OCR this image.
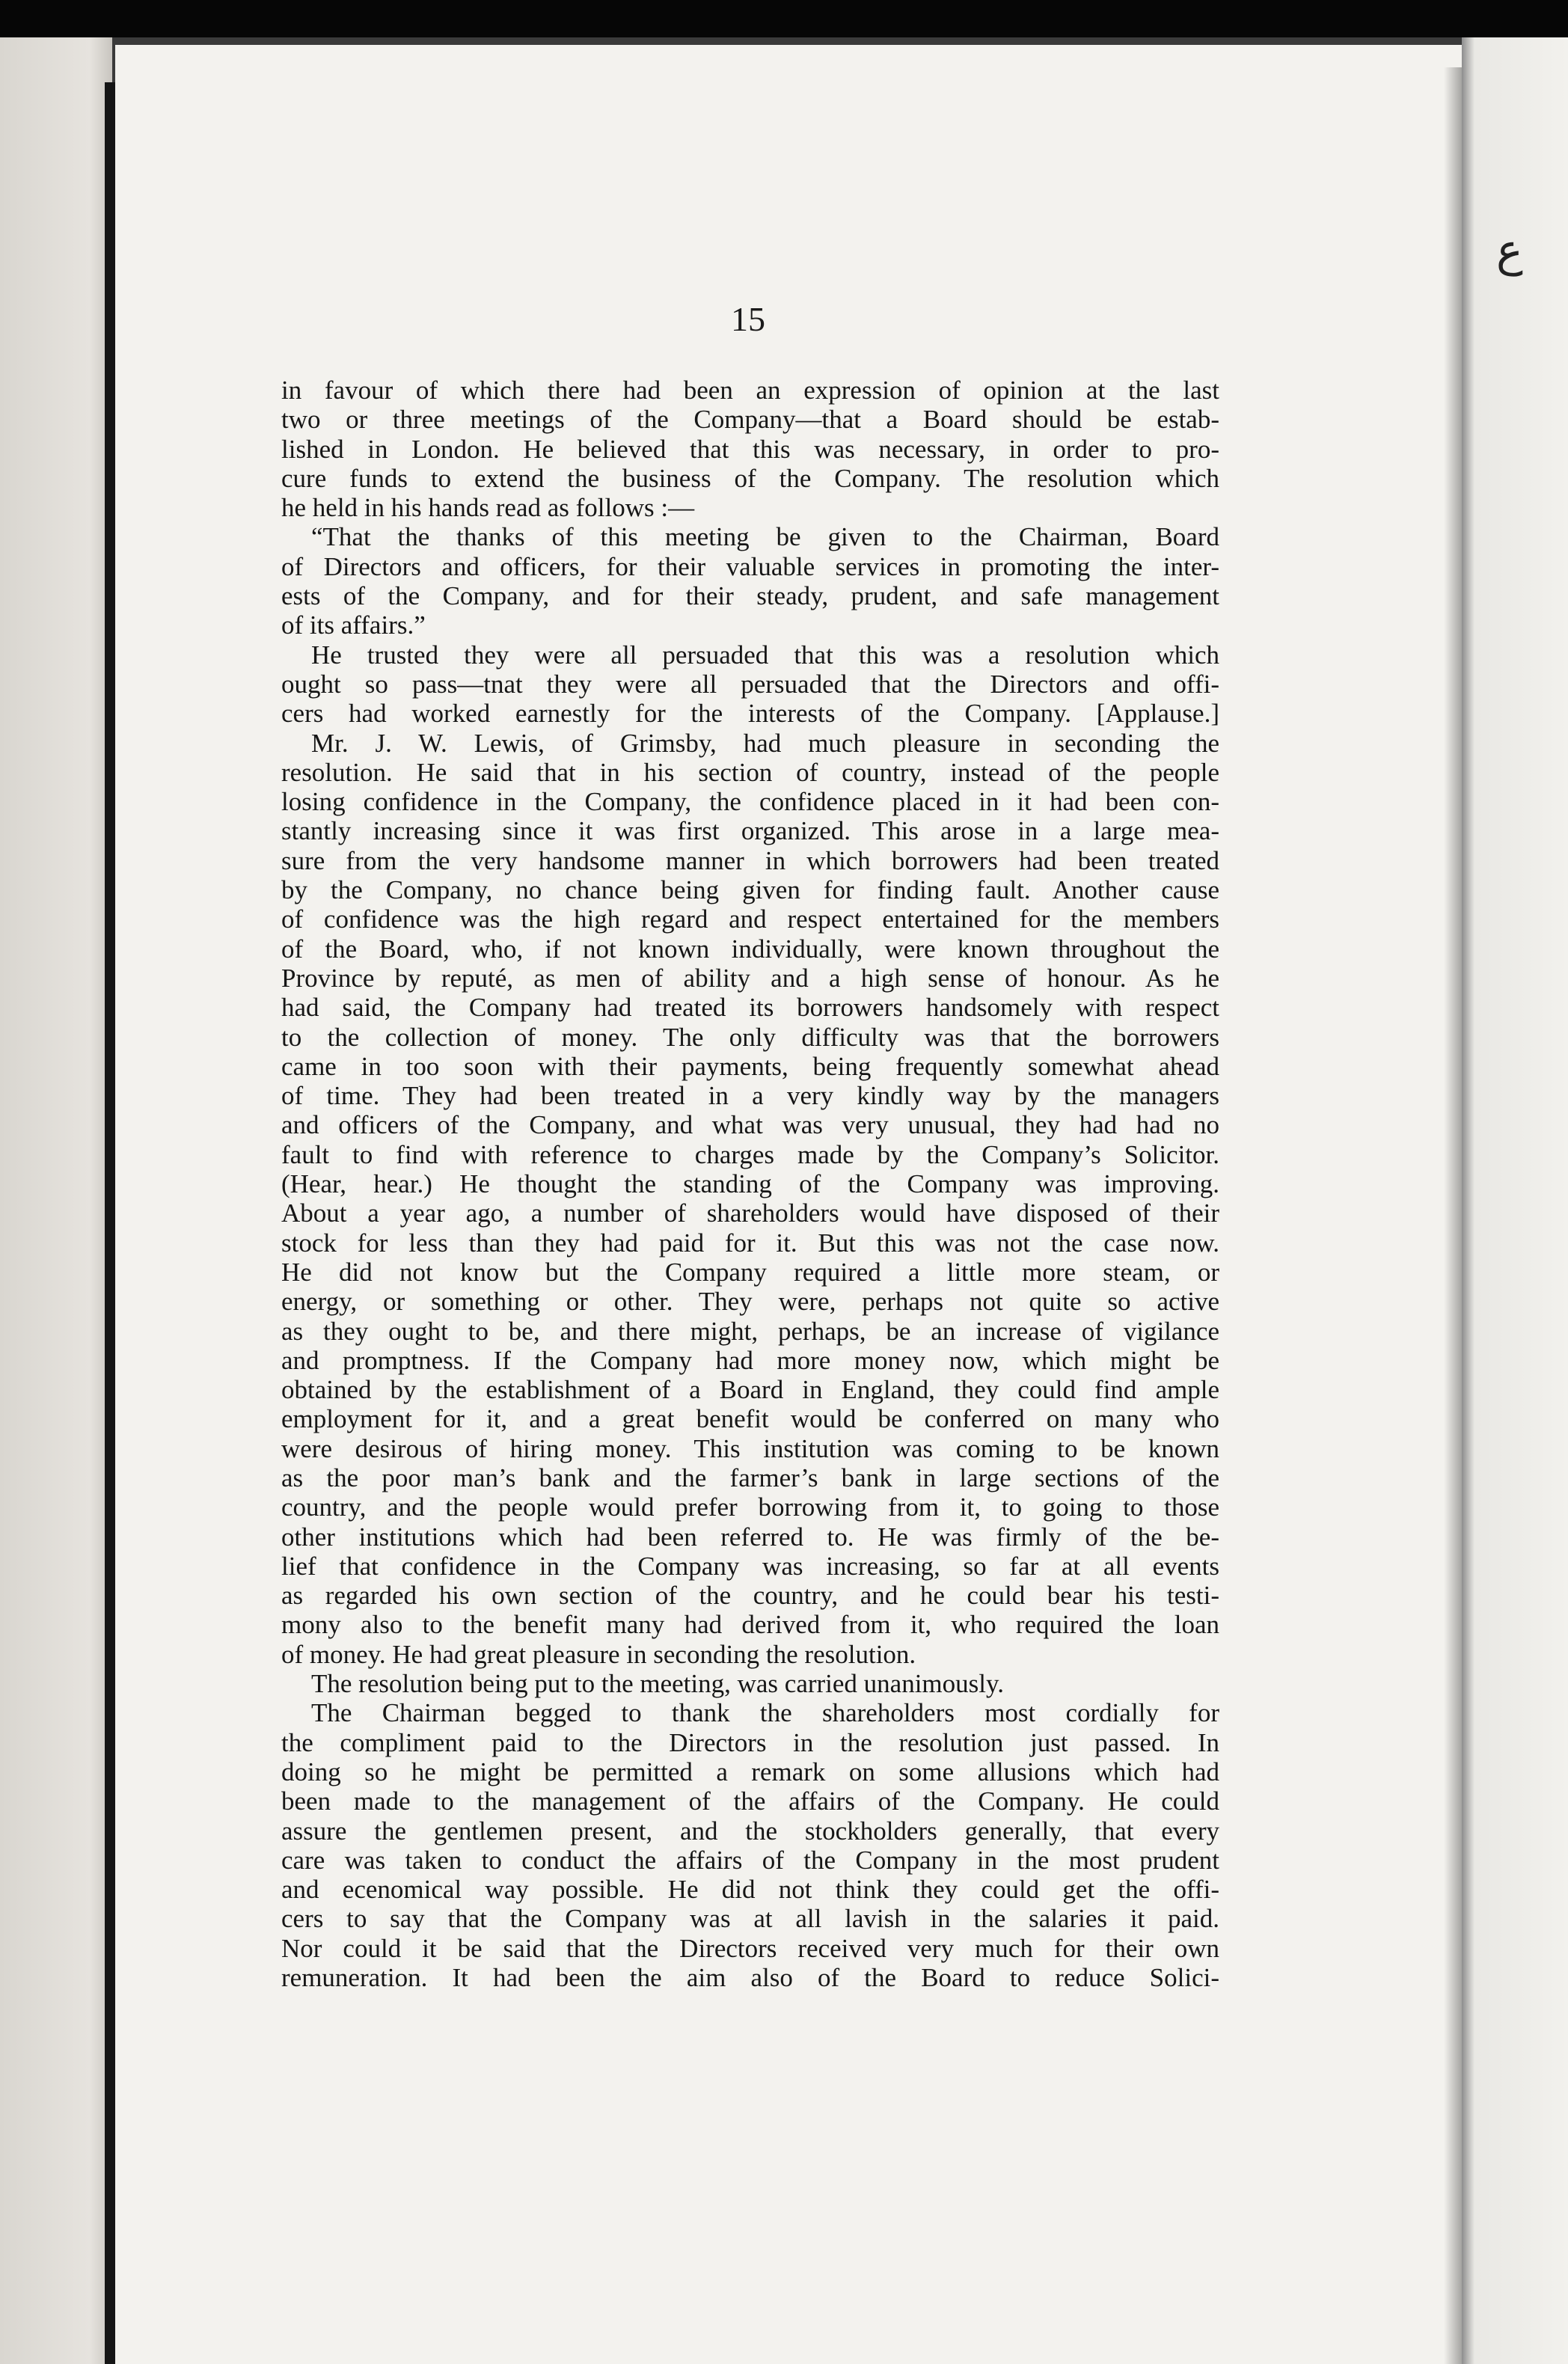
ع
15
in favour of which there had been an expression of opinion at the last
two or three meetings of the Company—that a Board should be estab-
lished in London. He believed that this was necessary, in order to pro-
cure funds to extend the business of the Company. The resolution which
he held in his hands read as follows :—
“That the thanks of this meeting be given to the Chairman, Board
of Directors and officers, for their valuable services in promoting the inter-
ests of the Company, and for their steady, prudent, and safe management
of its affairs.”
He trusted they were all persuaded that this was a resolution which
ought so pass—tnat they were all persuaded that the Directors and offi-
cers had worked earnestly for the interests of the Company. [Applause.]
Mr. J. W. Lewis, of Grimsby, had much pleasure in seconding the
resolution. He said that in his section of country, instead of the people
losing confidence in the Company, the confidence placed in it had been con-
stantly increasing since it was first organized. This arose in a large mea-
sure from the very handsome manner in which borrowers had been treated
by the Company, no chance being given for finding fault. Another cause
of confidence was the high regard and respect entertained for the members
of the Board, who, if not known individually, were known throughout the
Province by reputé, as men of ability and a high sense of honour. As he
had said, the Company had treated its borrowers handsomely with respect
to the collection of money. The only difficulty was that the borrowers
came in too soon with their payments, being frequently somewhat ahead
of time. They had been treated in a very kindly way by the managers
and officers of the Company, and what was very unusual, they had had no
fault to find with reference to charges made by the Company’s Solicitor.
(Hear, hear.) He thought the standing of the Company was improving.
About a year ago, a number of shareholders would have disposed of their
stock for less than they had paid for it. But this was not the case now.
He did not know but the Company required a little more steam, or
energy, or something or other. They were, perhaps not quite so active
as they ought to be, and there might, perhaps, be an increase of vigilance
and promptness. If the Company had more money now, which might be
obtained by the establishment of a Board in England, they could find ample
employment for it, and a great benefit would be conferred on many who
were desirous of hiring money. This institution was coming to be known
as the poor man’s bank and the farmer’s bank in large sections of the
country, and the people would prefer borrowing from it, to going to those
other institutions which had been referred to. He was firmly of the be-
lief that confidence in the Company was increasing, so far at all events
as regarded his own section of the country, and he could bear his testi-
mony also to the benefit many had derived from it, who required the loan
of money. He had great pleasure in seconding the resolution.
The resolution being put to the meeting, was carried unanimously.
The Chairman begged to thank the shareholders most cordially for
the compliment paid to the Directors in the resolution just passed. In
doing so he might be permitted a remark on some allusions which had
been made to the management of the affairs of the Company. He could
assure the gentlemen present, and the stockholders generally, that every
care was taken to conduct the affairs of the Company in the most prudent
and ecenomical way possible. He did not think they could get the offi-
cers to say that the Company was at all lavish in the salaries it paid.
Nor could it be said that the Directors received very much for their own
remuneration. It had been the aim also of the Board to reduce Solici-
